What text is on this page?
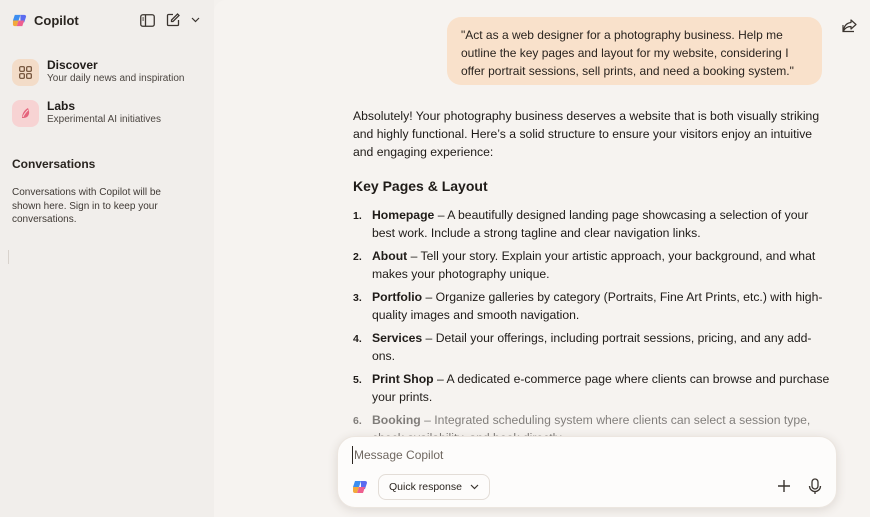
Copilot
Discover
Your daily news and inspiration
Labs
Experimental AI initiatives
Conversations
Conversations with Copilot will be shown here. Sign in to keep your conversations.
"Act as a web designer for a photography business. Help me outline the key pages and layout for my website, considering I offer portrait sessions, sell prints, and need a booking system."

Absolutely! Your photography business deserves a website that is both visually striking and highly functional. Here’s a solid structure to ensure your visitors enjoy an intuitive and engaging experience:

Key Pages & Layout
1. Homepage – A beautifully designed landing page showcasing a selection of your best work. Include a strong tagline and clear navigation links.
2. About – Tell your story. Explain your artistic approach, your background, and what makes your photography unique.
3. Portfolio – Organize galleries by category (Portraits, Fine Art Prints, etc.) with high-quality images and smooth navigation.
4. Services – Detail your offerings, including portrait sessions, pricing, and any add-ons.
5. Print Shop – A dedicated e-commerce page where clients can browse and purchase your prints.
6. Booking – Integrated scheduling system where clients can select a session type,
Message Copilot
Quick response
